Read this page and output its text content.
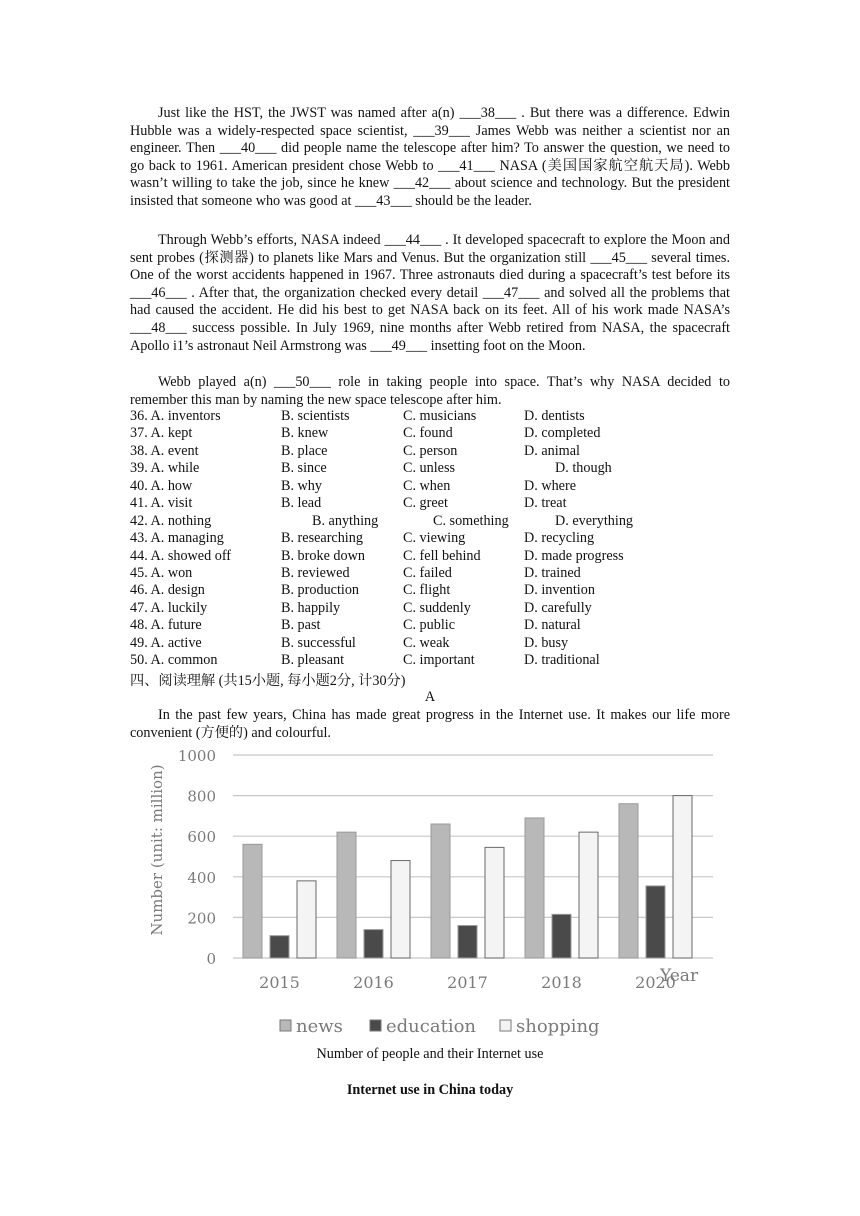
Just like the HST, the JWST was named after a(n) ___38___ . But there was a difference. Edwin Hubble was a widely-respected space scientist, ___39___ James Webb was neither a scientist nor an engineer. Then ___40___ did people name the telescope after him? To answer the question, we need to go back to 1961. American president chose Webb to ___41___ NASA (美国国家航空航天局). Webb wasn’t willing to take the job, since he knew ___42___ about science and technology. But the president insisted that someone who was good at ___43___ should be the leader.

Through Webb’s efforts, NASA indeed ___44___ . It developed spacecraft to explore the Moon and sent probes (探测器) to planets like Mars and Venus. But the organization still ___45___ several times. One of the worst accidents happened in 1967. Three astronauts died during a spacecraft’s test before its ___46___ . After that, the organization checked every detail ___47___ and solved all the problems that had caused the accident. He did his best to get NASA back on its feet. All of his work made NASA’s ___48___ success possible. In July 1969, nine months after Webb retired from NASA, the spacecraft Apollo i1’s astronaut Neil Armstrong was ___49___ insetting foot on the Moon.

Webb played a(n) ___50___ role in taking people into space. That’s why NASA decided to remember this man by naming the new space telescope after him.

36. A. inventors	B. scientists	C. musicians	D. dentists
37. A. kept	B. knew	C. found	D. completed
38. A. event	B. place	C. person	D. animal
39. A. while	B. since	C. unless	D. though
40. A. how	B. why	C. when	D. where
41. A. visit	B. lead	C. greet	D. treat
42. A. nothing	B. anything	C. something	D. everything
43. A. managing	B. researching	C. viewing	D. recycling
44. A. showed off	B. broke down	C. fell behind	D. made progress
45. A. won	B. reviewed	C. failed	D. trained
46. A. design	B. production	C. flight	D. invention
47. A. luckily	B. happily	C. suddenly	D. carefully
48. A. future	B. past	C. public	D. natural
49. A. active	B. successful	C. weak	D. busy
50. A. common	B. pleasant	C. important	D. traditional
四、阅读理解 (共15小题, 每小题2分, 计30分)
A

In the past few years, China has made great progress in the Internet use. It makes our life more convenient (方便的) and colourful.

0
200
400
600
800
1000
2015	2016	2017	2018	2020
Number (unit: million)
Year
news education shopping
Number of people and their Internet use
Internet use in China today
